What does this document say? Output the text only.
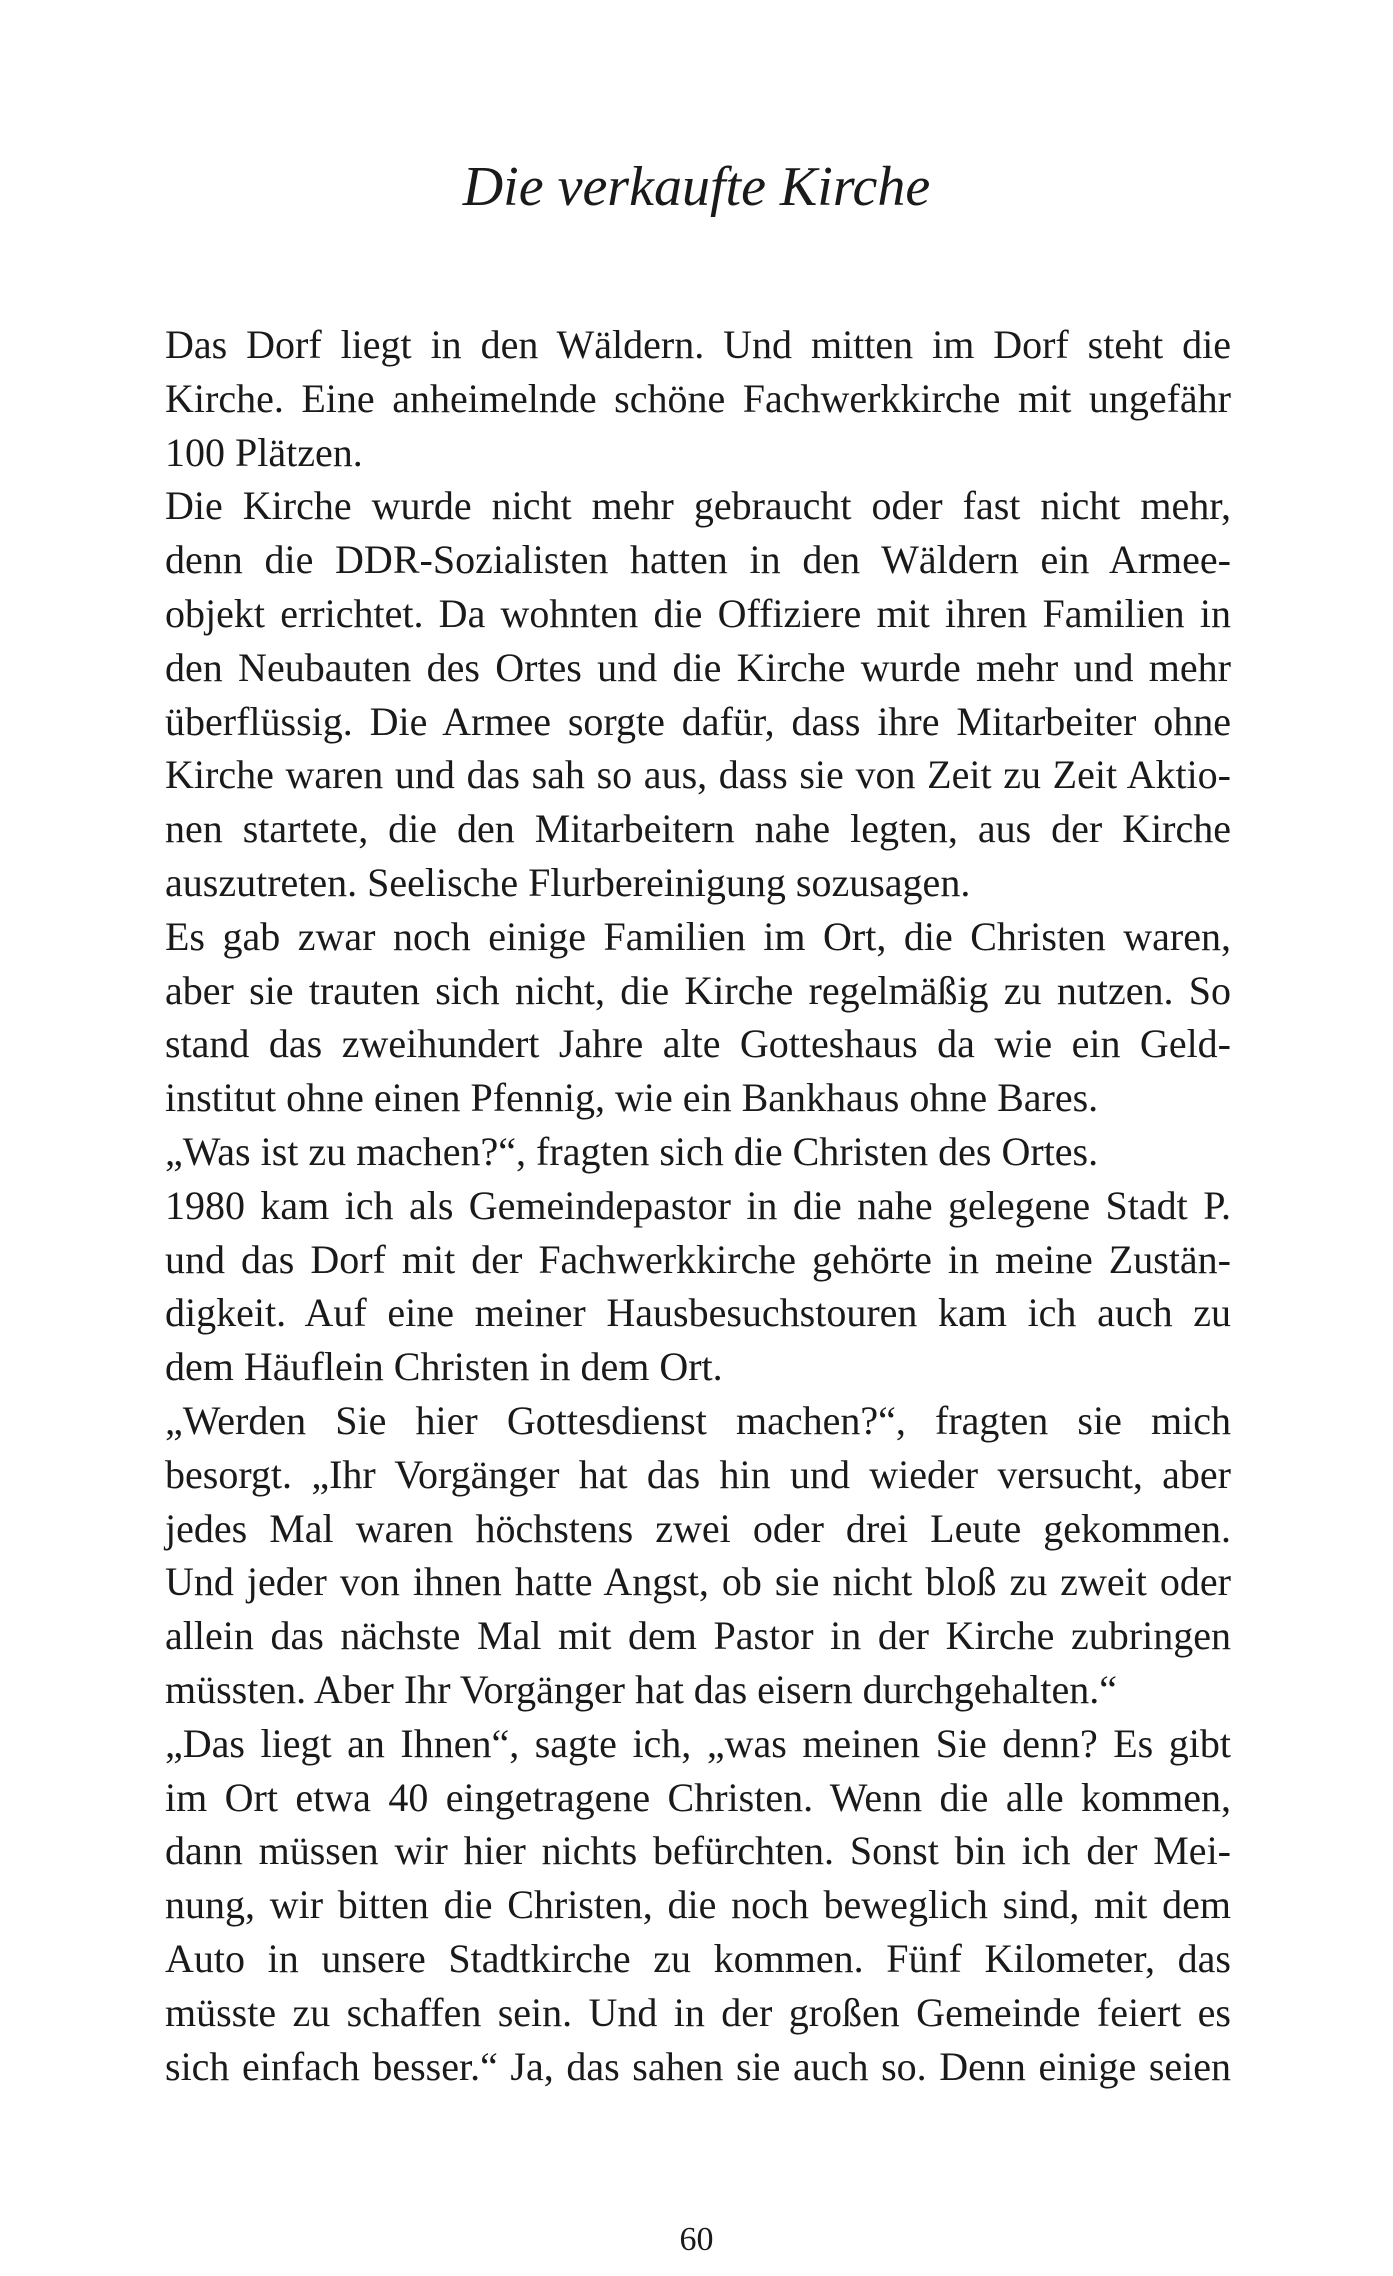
Die verkaufte Kirche
Das Dorf liegt in den Wäldern. Und mitten im Dorf steht die
Kirche. Eine anheimelnde schöne Fachwerkkirche mit ungefähr
100 Plätzen.
Die Kirche wurde nicht mehr gebraucht oder fast nicht mehr,
denn die DDR-Sozialisten hatten in den Wäldern ein Armee-
objekt errichtet. Da wohnten die Offiziere mit ihren Familien in
den Neubauten des Ortes und die Kirche wurde mehr und mehr
überflüssig. Die Armee sorgte dafür, dass ihre Mitarbeiter ohne
Kirche waren und das sah so aus, dass sie von Zeit zu Zeit Aktio-
nen startete, die den Mitarbeitern nahe legten, aus der Kirche
auszutreten. Seelische Flurbereinigung sozusagen.
Es gab zwar noch einige Familien im Ort, die Christen waren,
aber sie trauten sich nicht, die Kirche regelmäßig zu nutzen. So
stand das zweihundert Jahre alte Gotteshaus da wie ein Geld-
institut ohne einen Pfennig, wie ein Bankhaus ohne Bares.
„Was ist zu machen?“, fragten sich die Christen des Ortes.
1980 kam ich als Gemeindepastor in die nahe gelegene Stadt P.
und das Dorf mit der Fachwerkkirche gehörte in meine Zustän-
digkeit. Auf eine meiner Hausbesuchstouren kam ich auch zu
dem Häuflein Christen in dem Ort.
„Werden Sie hier Gottesdienst machen?“, fragten sie mich
besorgt. „Ihr Vorgänger hat das hin und wieder versucht, aber
jedes Mal waren höchstens zwei oder drei Leute gekommen.
Und jeder von ihnen hatte Angst, ob sie nicht bloß zu zweit oder
allein das nächste Mal mit dem Pastor in der Kirche zubringen
müssten. Aber Ihr Vorgänger hat das eisern durchgehalten.“
„Das liegt an Ihnen“, sagte ich, „was meinen Sie denn? Es gibt
im Ort etwa 40 eingetragene Christen. Wenn die alle kommen,
dann müssen wir hier nichts befürchten. Sonst bin ich der Mei-
nung, wir bitten die Christen, die noch beweglich sind, mit dem
Auto in unsere Stadtkirche zu kommen. Fünf Kilometer, das
müsste zu schaffen sein. Und in der großen Gemeinde feiert es
sich einfach besser.“ Ja, das sahen sie auch so. Denn einige seien
60
